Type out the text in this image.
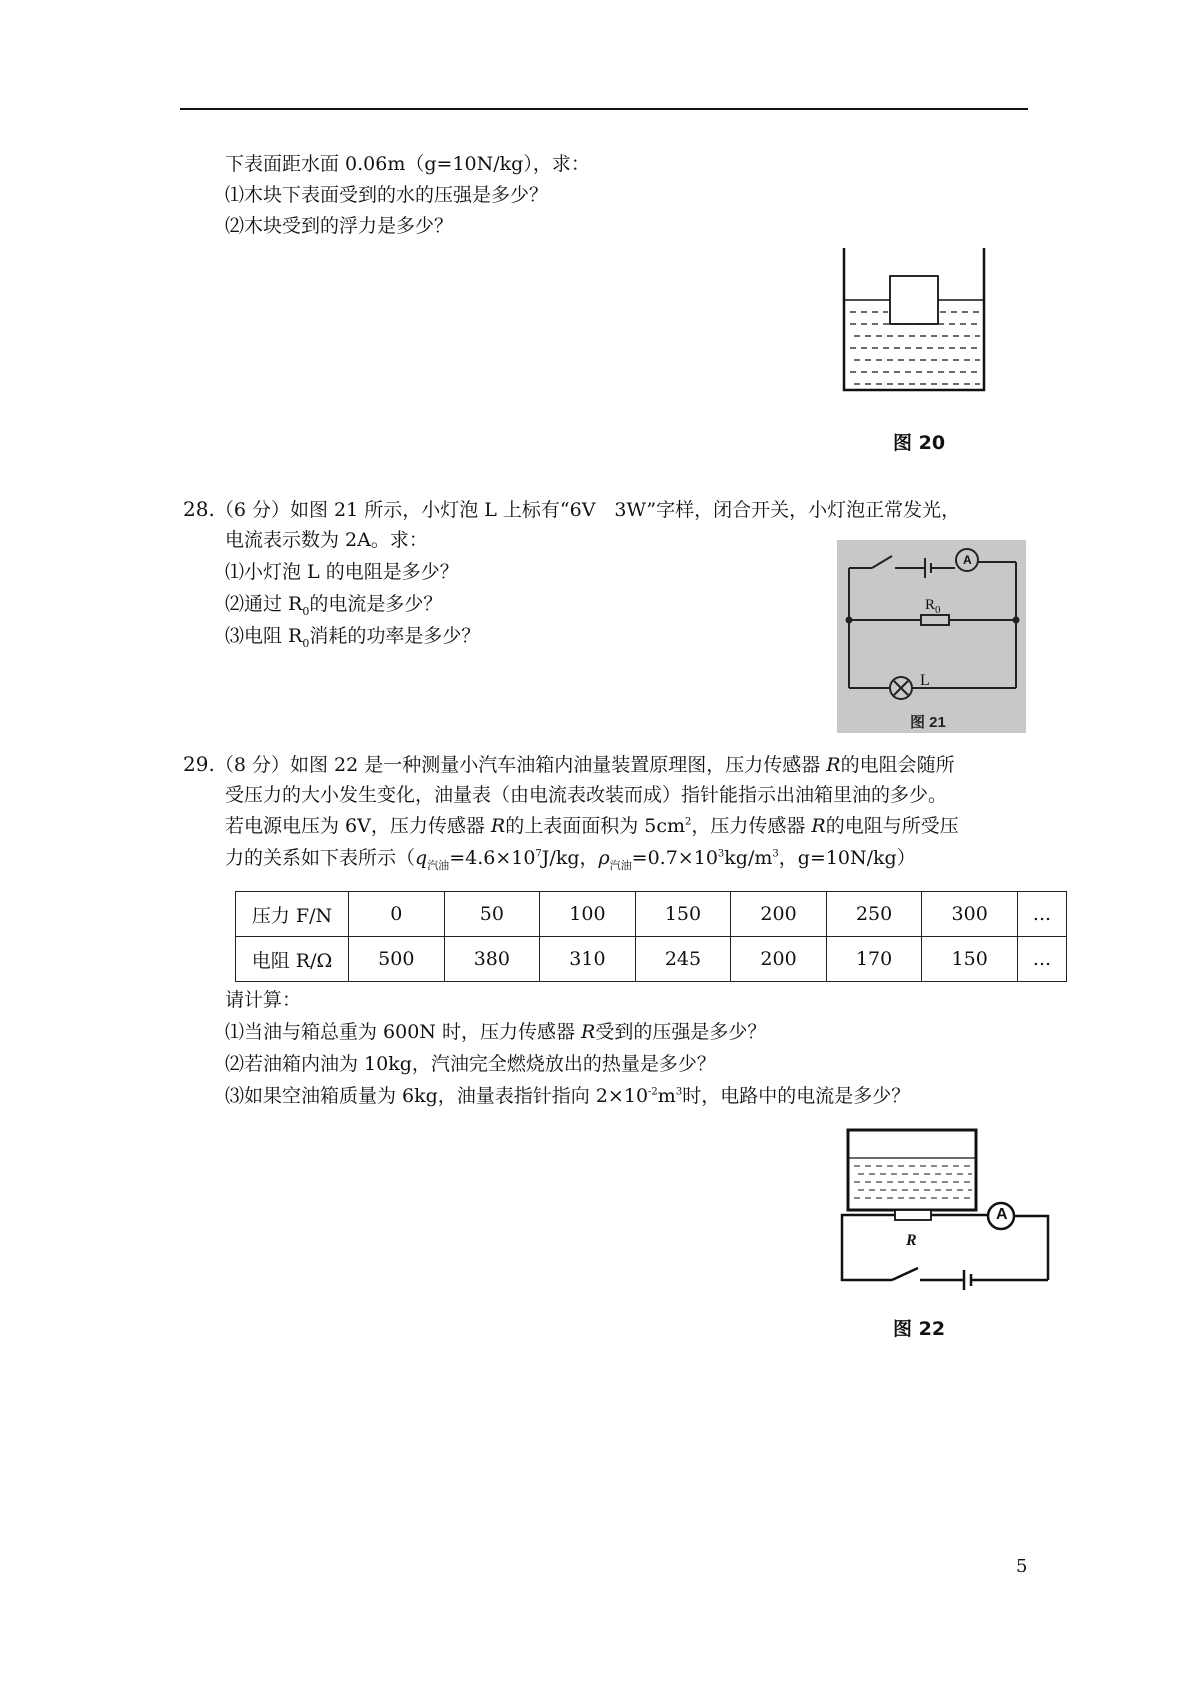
下表面距水面 0.06m（g=10N/kg），求：
⑴木块下表面受到的水的压强是多少？
⑵木块受到的浮力是多少？
图 20
28.（6 分）如图 21 所示，小灯泡 L 上标有“6V　3W”字样，闭合开关，小灯泡正常发光，
电流表示数为 2A。求：
⑴小灯泡 L 的电阻是多少？
⑵通过 $R_0$的电流是多少？
⑶电阻 $R_0$消耗的功率是多少？
A
$R_0$
L
图 21
29.（8 分）如图 22 是一种测量小汽车油箱内油量装置原理图，压力传感器 R的电阻会随所
受压力的大小发生变化，油量表（由电流表改装而成）指针能指示出油箱里油的多少。
若电源电压为 6V，压力传感器 R的上表面面积为 $5cm^2$，压力传感器 R的电阻与所受压
力的关系如下表所示（$q_{汽油}=4.6\times 10^7J/kg$，$\rho_{汽油}=0.7\times 10^3kg/m^3$，g=10N/kg）
压力 F/N	0	50	100	150	200	250	300	...
电阻 R/Ω	500	380	310	245	200	170	150	...
请计算：
⑴当油与箱总重为 600N 时，压力传感器 R受到的压强是多少？
⑵若油箱内油为 10kg，汽油完全燃烧放出的热量是多少？
⑶如果空油箱质量为 6kg，油量表指针指向 $2\times 10^{-2}m^3$时，电路中的电流是多少？
A
R
图 22
5
